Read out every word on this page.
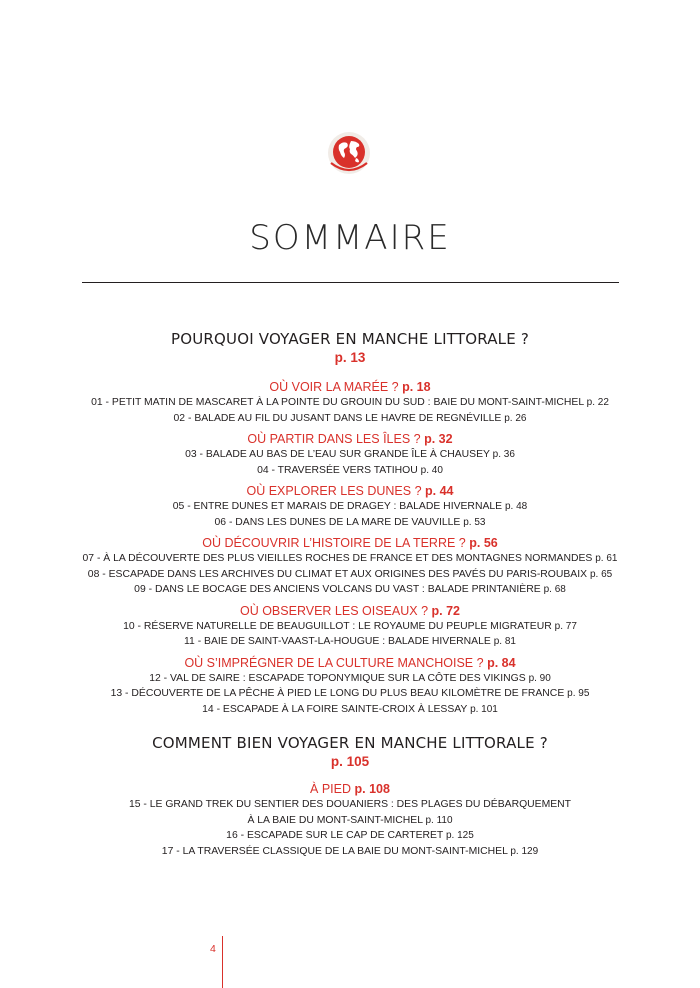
SOMMAIRE

POURQUOI VOYAGER EN MANCHE LITTORALE ?

p. 13

OÙ VOIR LA MARÉE ? p. 18

01 - PETIT MATIN DE MASCARET À LA POINTE DU GROUIN DU SUD : BAIE DU MONT-SAINT-MICHEL p. 22

02 - BALADE AU FIL DU JUSANT DANS LE HAVRE DE REGNÉVILLE p. 26

OÙ PARTIR DANS LES ÎLES ? p. 32

03 - BALADE AU BAS DE L’EAU SUR GRANDE ÎLE À CHAUSEY p. 36

04 - TRAVERSÉE VERS TATIHOU p. 40

OÙ EXPLORER LES DUNES ? p. 44

05 - ENTRE DUNES ET MARAIS DE DRAGEY : BALADE HIVERNALE p. 48

06 - DANS LES DUNES DE LA MARE DE VAUVILLE p. 53

OÙ DÉCOUVRIR L’HISTOIRE DE LA TERRE ? p. 56

07 - À LA DÉCOUVERTE DES PLUS VIEILLES ROCHES DE FRANCE ET DES MONTAGNES NORMANDES p. 61

08 - ESCAPADE DANS LES ARCHIVES DU CLIMAT ET AUX ORIGINES DES PAVÉS DU PARIS-ROUBAIX p. 65

09 - DANS LE BOCAGE DES ANCIENS VOLCANS DU VAST : BALADE PRINTANIÈRE p. 68

OÙ OBSERVER LES OISEAUX ? p. 72

10 - RÉSERVE NATURELLE DE BEAUGUILLOT : LE ROYAUME DU PEUPLE MIGRATEUR p. 77

11 - BAIE DE SAINT-VAAST-LA-HOUGUE : BALADE HIVERNALE p. 81

OÙ S’IMPRÉGNER DE LA CULTURE MANCHOISE ? p. 84

12 - VAL DE SAIRE : ESCAPADE TOPONYMIQUE SUR LA CÔTE DES VIKINGS p. 90

13 - DÉCOUVERTE DE LA PÊCHE À PIED LE LONG DU PLUS BEAU KILOMÈTRE DE FRANCE p. 95

14 - ESCAPADE À LA FOIRE SAINTE-CROIX À LESSAY p. 101

COMMENT BIEN VOYAGER EN MANCHE LITTORALE ?

p. 105

À PIED p. 108

15 - LE GRAND TREK DU SENTIER DES DOUANIERS : DES PLAGES DU DÉBARQUEMENT

À LA BAIE DU MONT-SAINT-MICHEL p. 110

16 - ESCAPADE SUR LE CAP DE CARTERET p. 125

17 - LA TRAVERSÉE CLASSIQUE DE LA BAIE DU MONT-SAINT-MICHEL p. 129

4
